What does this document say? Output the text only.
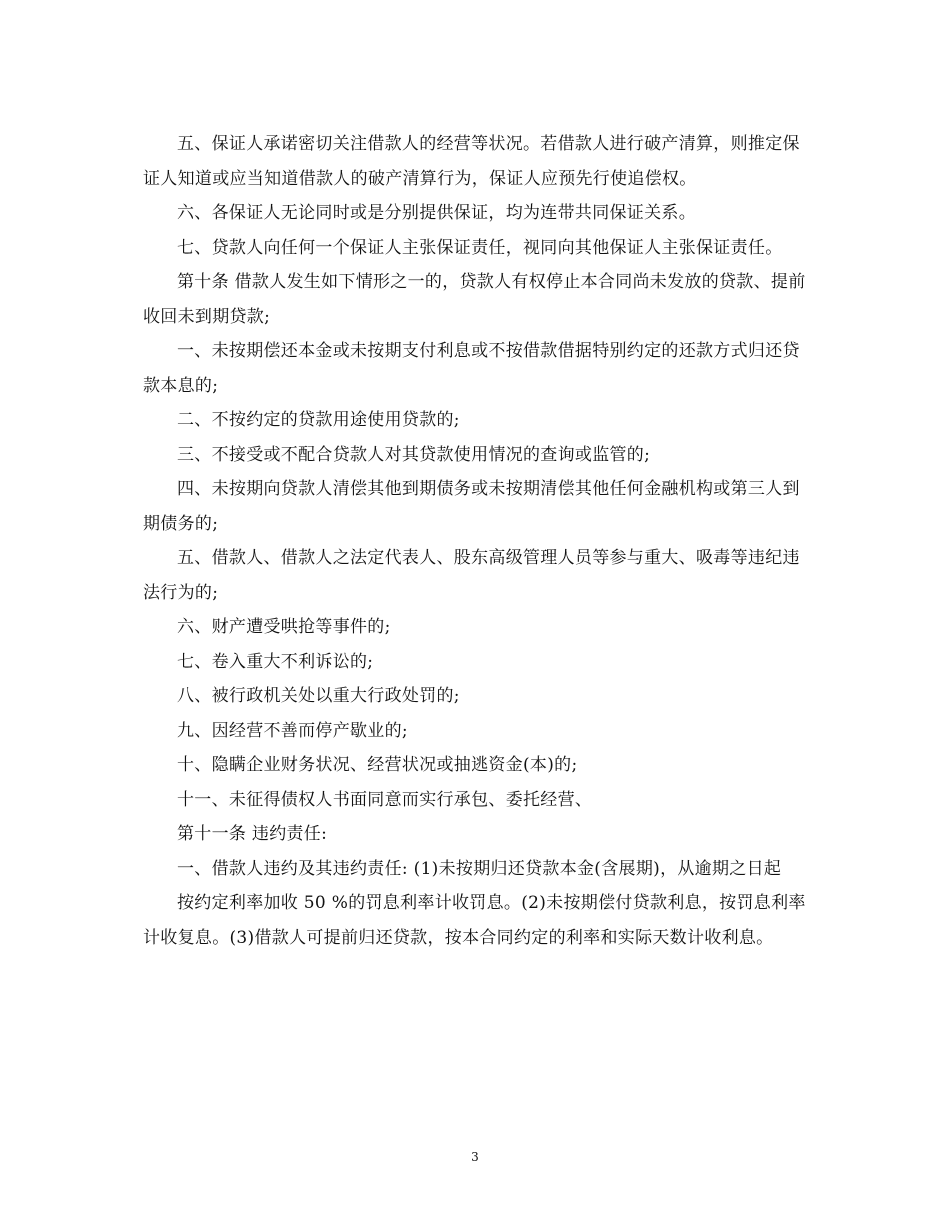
五、保证人承诺密切关注借款人的经营等状况。若借款人进行破产清算，则推定保证人知道或应当知道借款人的破产清算行为，保证人应预先行使追偿权。

六、各保证人无论同时或是分别提供保证，均为连带共同保证关系。

七、贷款人向任何一个保证人主张保证责任，视同向其他保证人主张保证责任。

第十条 借款人发生如下情形之一的，贷款人有权停止本合同尚未发放的贷款、提前收回未到期贷款;

一、未按期偿还本金或未按期支付利息或不按借款借据特别约定的还款方式归还贷款本息的;

二、不按约定的贷款用途使用贷款的;

三、不接受或不配合贷款人对其贷款使用情况的查询或监管的;

四、未按期向贷款人清偿其他到期债务或未按期清偿其他任何金融机构或第三人到期债务的;

五、借款人、借款人之法定代表人、股东高级管理人员等参与重大、吸毒等违纪违法行为的;

六、财产遭受哄抢等事件的;

七、卷入重大不利诉讼的;

八、被行政机关处以重大行政处罚的;

九、因经营不善而停产歇业的;

十、隐瞒企业财务状况、经营状况或抽逃资金(本)的;

十一、未征得债权人书面同意而实行承包、委托经营、

第十一条 违约责任:

一、借款人违约及其违约责任: (1)未按期归还贷款本金(含展期)，从逾期之日起

按约定利率加收 50 %的罚息利率计收罚息。(2)未按期偿付贷款利息，按罚息利率计收复息。(3)借款人可提前归还贷款，按本合同约定的利率和实际天数计收利息。

3
